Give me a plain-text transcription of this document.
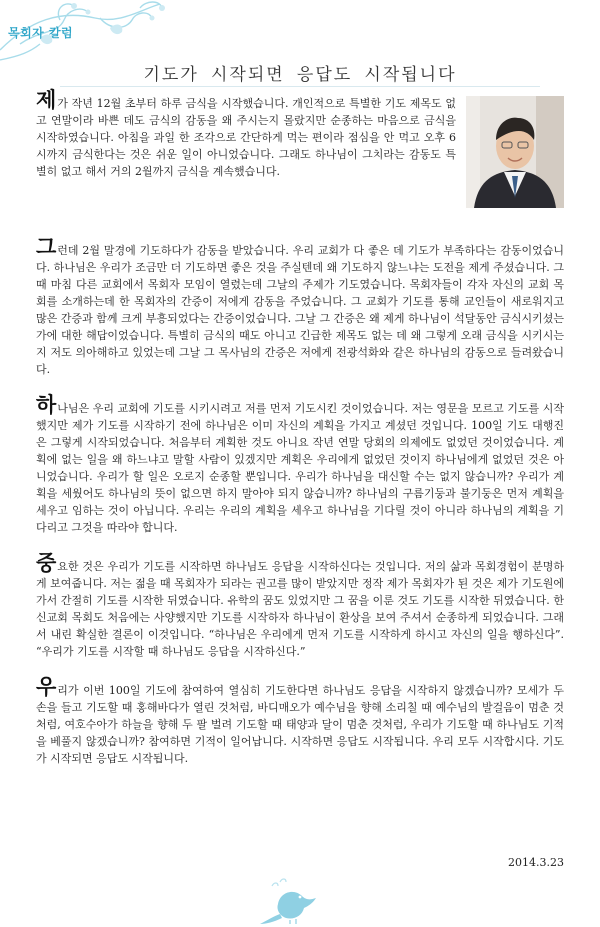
목회자 칼럼
기도가 시작되면 응답도 시작됩니다

제가 작년 12월 초부터 하루 금식을 시작했습니다. 개인적으로 특별한 기도 제목도 없고 연말이라 바쁜 데도 금식의 감동을 왜 주시는지 몰랐지만 순종하는 마음으로 금식을 시작하였습니다. 아침을 과일 한 조각으로 간단하게 먹는 편이라 점심을 안 먹고 오후 6시까지 금식한다는 것은 쉬운 일이 아니었습니다. 그래도 하나님이 그치라는 감동도 특별히 없고 해서 거의 2월까지 금식을 계속했습니다.

그런데 2월 말경에 기도하다가 감동을 받았습니다. 우리 교회가 다 좋은 데 기도가 부족하다는 감동이었습니다. 하나님은 우리가 조금만 더 기도하면 좋은 것을 주실텐데 왜 기도하지 않느냐는 도전을 제게 주셨습니다. 그때 마침 다른 교회에서 목회자 모임이 열렸는데 그날의 주제가 기도였습니다. 목회자들이 각자 자신의 교회 목회를 소개하는데 한 목회자의 간증이 저에게 감동을 주었습니다. 그 교회가 기도를 통해 교인들이 새로워지고 많은 간증과 함께 크게 부흥되었다는 간증이었습니다. 그날 그 간증은 왜 제게 하나님이 석달동안 금식시키셨는가에 대한 해답이었습니다. 특별히 금식의 때도 아니고 긴급한 제목도 없는 데 왜 그렇게 오래 금식을 시키시는지 저도 의아해하고 있었는데 그날 그 목사님의 간증은 저에게 전광석화와 같은 하나님의 감동으로 들려왔습니다.

하나님은 우리 교회에 기도를 시키시려고 저를 먼저 기도시킨 것이었습니다. 저는 영문을 모르고 기도를 시작했지만 제가 기도를 시작하기 전에 하나님은 이미 자신의 계획을 가지고 계셨던 것입니다. 100일 기도 대행진은 그렇게 시작되었습니다. 처음부터 계획한 것도 아니요 작년 연말 당회의 의제에도 없었던 것이었습니다. 계획에 없는 일을 왜 하느냐고 말할 사람이 있겠지만 계획은 우리에게 없었던 것이지 하나님에게 없었던 것은 아니었습니다. 우리가 할 일은 오로지 순종할 뿐입니다. 우리가 하나님을 대신할 수는 없지 않습니까? 우리가 계획을 세웠어도 하나님의 뜻이 없으면 하지 말아야 되지 않습니까? 하나님의 구름기둥과 불기둥은 먼저 계획을 세우고 임하는 것이 아닙니다. 우리는 우리의 계획을 세우고 하나님을 기다릴 것이 아니라 하나님의 계획을 기다리고 그것을 따라야 합니다.

중요한 것은 우리가 기도를 시작하면 하나님도 응답을 시작하신다는 것입니다. 저의 삶과 목회경험이 분명하게 보여줍니다. 저는 젊을 때 목회자가 되라는 권고를 많이 받았지만 정작 제가 목회자가 된 것은 제가 기도원에 가서 간절히 기도를 시작한 뒤였습니다. 유학의 꿈도 있었지만 그 꿈을 이룬 것도 기도를 시작한 뒤였습니다. 한신교회 목회도 처음에는 사양했지만 기도를 시작하자 하나님이 환상을 보여 주셔서 순종하게 되었습니다. 그래서 내린 확실한 결론이 이것입니다. “하나님은 우리에게 먼저 기도를 시작하게 하시고 자신의 일을 행하신다”. “우리가 기도를 시작할 때 하나님도 응답을 시작하신다.”

우리가 이번 100일 기도에 참여하여 열심히 기도한다면 하나님도 응답을 시작하지 않겠습니까? 모세가 두 손을 들고 기도할 때 홍해바다가 열린 것처럼, 바디매오가 예수님을 향해 소리칠 때 예수님의 발걸음이 멈춘 것처럼, 여호수아가 하늘을 향해 두 팔 벌려 기도할 때 태양과 달이 멈춘 것처럼, 우리가 기도할 때 하나님도 기적을 베풀지 않겠습니까? 참여하면 기적이 일어납니다. 시작하면 응답도 시작됩니다. 우리 모두 시작합시다. 기도가 시작되면 응답도 시작됩니다.

2014.3.23
